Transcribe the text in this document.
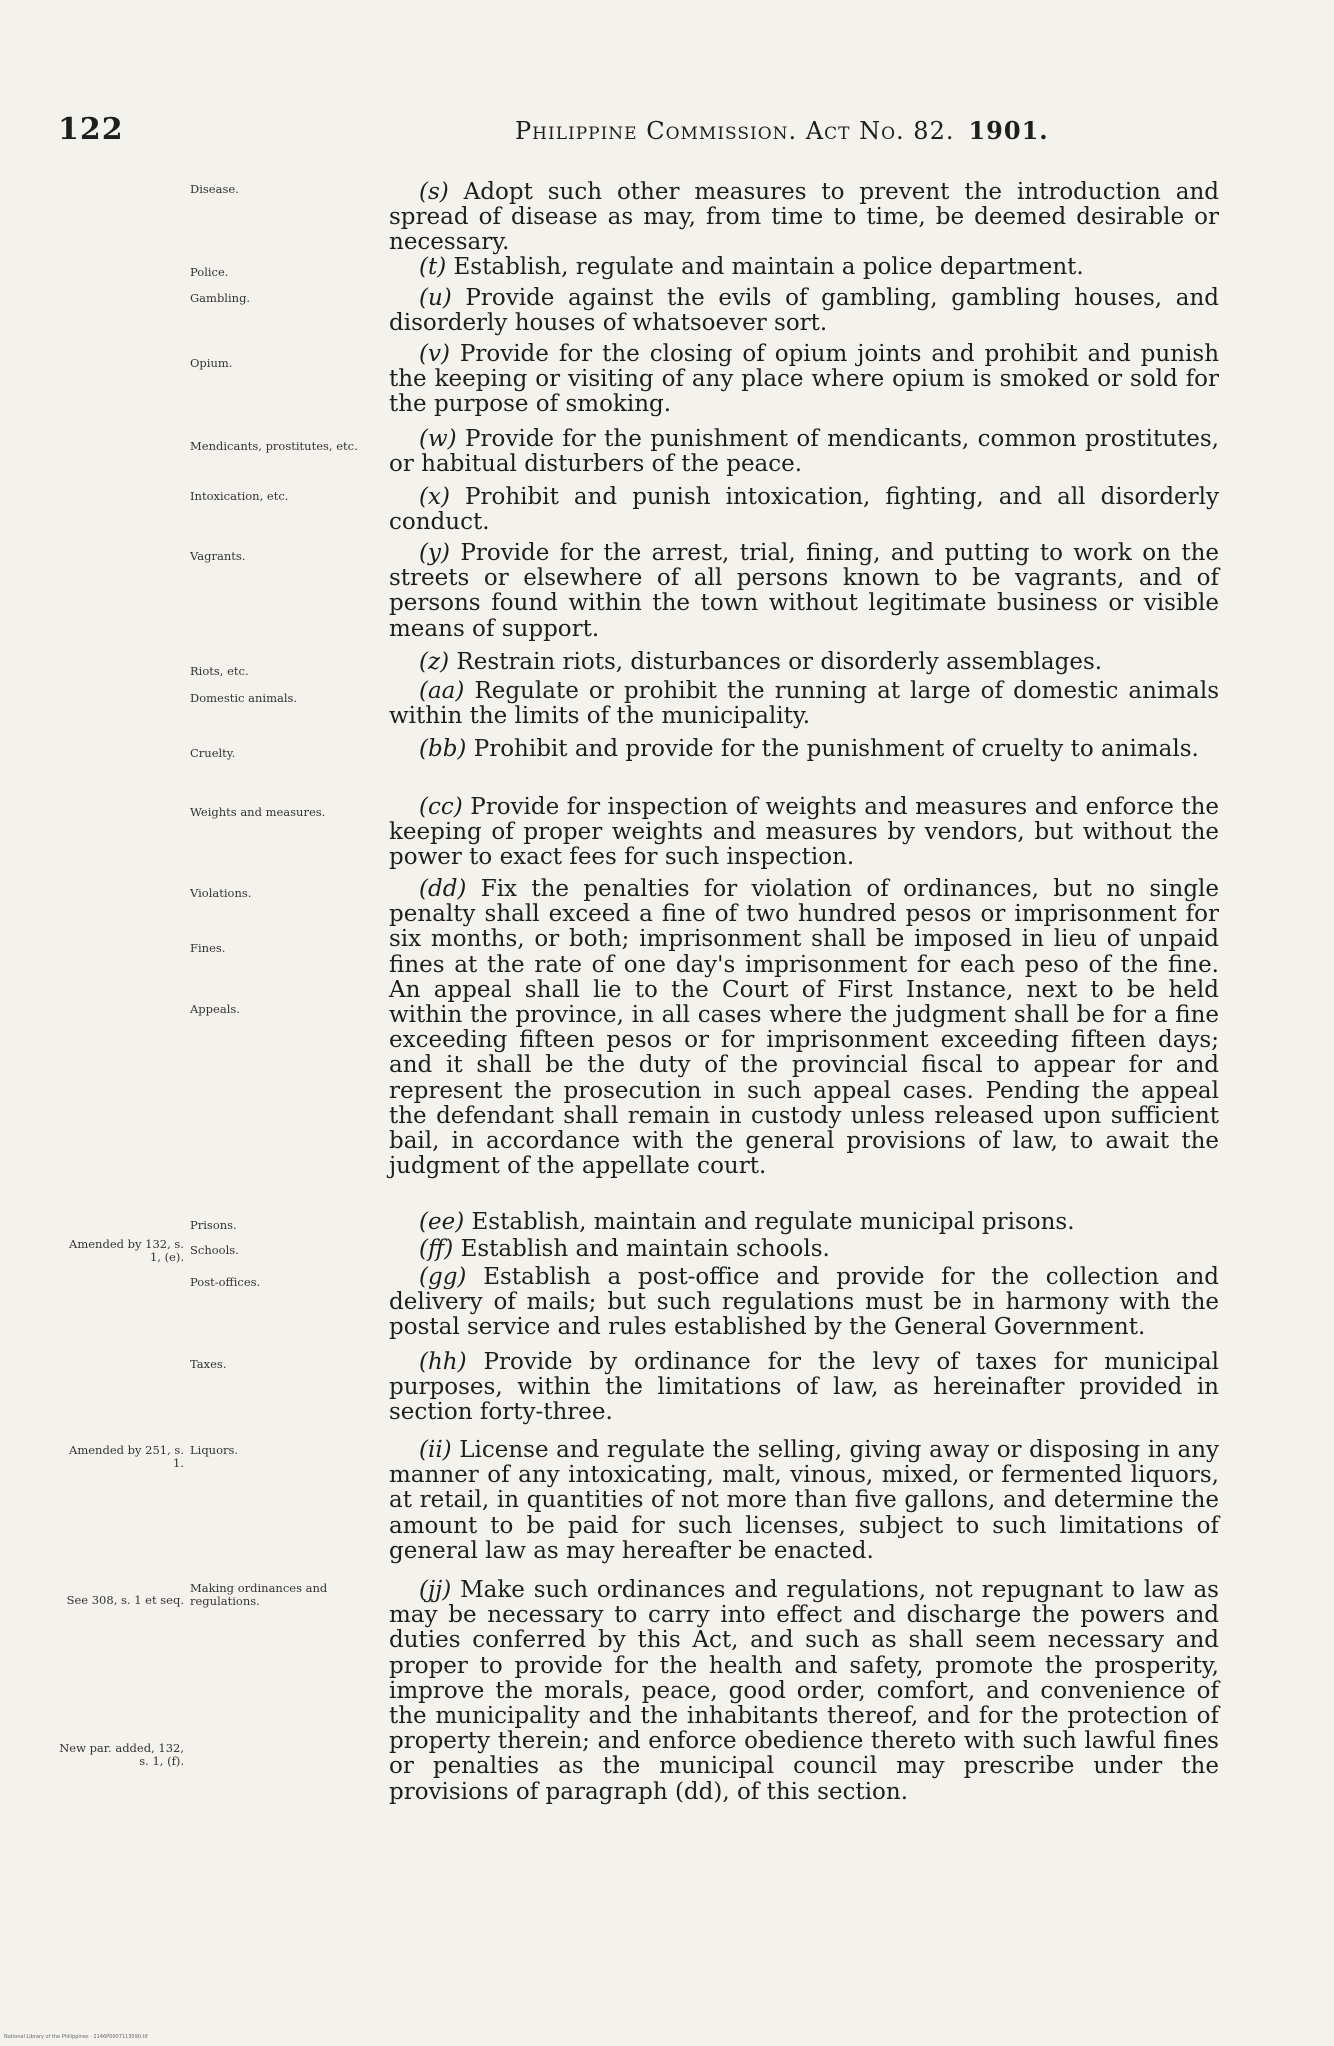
122	Philippine Commission. Act No. 82. 1901.
(s) Adopt such other measures to prevent the introduction and spread of disease as may, from time to time, be deemed desirable or necessary.
(t) Establish, regulate and maintain a police department.
(u) Provide against the evils of gambling, gambling houses, and disorderly houses of whatsoever sort.
(v) Provide for the closing of opium joints and prohibit and punish the keeping or visiting of any place where opium is smoked or sold for the purpose of smoking.
(w) Provide for the punishment of mendicants, common prostitutes, or habitual disturbers of the peace.
(x) Prohibit and punish intoxication, fighting, and all disorderly conduct.
(y) Provide for the arrest, trial, fining, and putting to work on the streets or elsewhere of all persons known to be vagrants, and of persons found within the town without legitimate business or visible means of support.
(z) Restrain riots, disturbances or disorderly assemblages.
(aa) Regulate or prohibit the running at large of domestic animals within the limits of the municipality.
(bb) Prohibit and provide for the punishment of cruelty to animals.
(cc) Provide for inspection of weights and measures and enforce the keeping of proper weights and measures by vendors, but without the power to exact fees for such inspection.
(dd) Fix the penalties for violation of ordinances, but no single penalty shall exceed a fine of two hundred pesos or imprisonment for six months, or both; imprisonment shall be imposed in lieu of unpaid fines at the rate of one day's imprisonment for each peso of the fine. An appeal shall lie to the Court of First Instance, next to be held within the province, in all cases where the judgment shall be for a fine exceeding fifteen pesos or for imprisonment exceeding fifteen days; and it shall be the duty of the provincial fiscal to appear for and represent the prosecution in such appeal cases. Pending the appeal the defendant shall remain in custody unless released upon sufficient bail, in accordance with the general provisions of law, to await the judgment of the appellate court.
(ee) Establish, maintain and regulate municipal prisons.
(ff) Establish and maintain schools.
(gg) Establish a post-office and provide for the collection and delivery of mails; but such regulations must be in harmony with the postal service and rules established by the General Government.
(hh) Provide by ordinance for the levy of taxes for municipal purposes, within the limitations of law, as hereinafter provided in section forty-three.
(ii) License and regulate the selling, giving away or disposing in any manner of any intoxicating, malt, vinous, mixed, or fermented liquors, at retail, in quantities of not more than five gallons, and determine the amount to be paid for such licenses, subject to such limitations of general law as may hereafter be enacted.
(jj) Make such ordinances and regulations, not repugnant to law as may be necessary to carry into effect and discharge the powers and duties conferred by this Act, and such as shall seem necessary and proper to provide for the health and safety, promote the prosperity, improve the morals, peace, good order, comfort, and convenience of the municipality and the inhabitants thereof, and for the protection of property therein; and enforce obedience thereto with such lawful fines or penalties as the municipal council may prescribe under the provisions of paragraph (dd), of this section.
Disease.
Police.
Gambling.
Opium.
Mendicants, prostitutes, etc.
Intoxication, etc.
Vagrants.
Riots, etc.
Domestic animals.
Cruelty.
Weights and measures.
Violations.
Fines.
Appeals.
Prisons.
Schools.
Post-offices.
Taxes.
Liquors.
Making ordinances and regulations.
Amended by 132, s. 1, (e).
Amended by 251, s. 1.
See 308, s. 1 et seq.
New par. added, 132, s. 1, (f).
National Library of the Philippines · 2146P0007113090.tif
